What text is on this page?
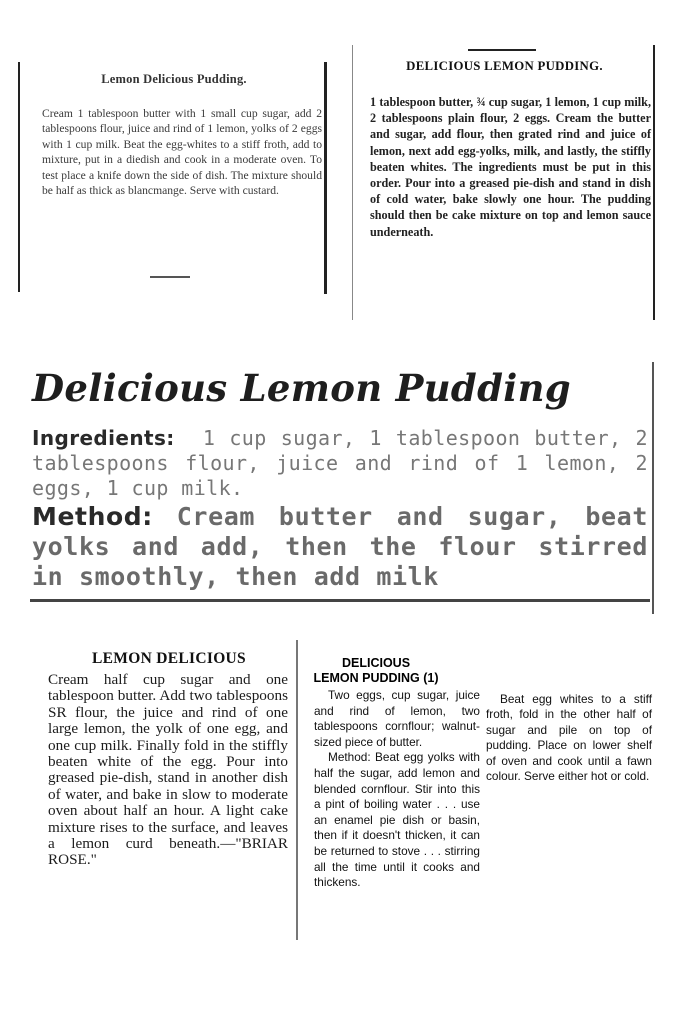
Lemon Delicious Pudding.

Cream 1 tablespoon butter with 1 small cup sugar, add 2 tablespoons flour, juice and rind of 1 lemon, yolks of 2 eggs with 1 cup milk. Beat the egg-whites to a stiff froth, add to mixture, put in a diedish and cook in a moderate oven. To test place a knife down the side of dish. The mixture should be half as thick as blancmange. Serve with custard.

DELICIOUS LEMON PUDDING.

1 tablespoon butter, ¾ cup sugar, 1 lemon, 1 cup milk, 2 tablespoons plain flour, 2 eggs. Cream the butter and sugar, add flour, then grated rind and juice of lemon, next add egg-yolks, milk, and lastly, the stiffly beaten whites. The ingredients must be put in this order. Pour into a greased pie-dish and stand in dish of cold water, bake slowly one hour. The pudding should then be cake mixture on top and lemon sauce underneath.

Delicious Lemon Pudding

Ingredients: 1 cup sugar, 1 tablespoon butter, 2 tablespoons flour, juice and rind of 1 lemon, 2 eggs, 1 cup milk.

Method: Cream butter and sugar, beat yolks and add, then the flour stirred in smoothly, then add milk

LEMON DELICIOUS

Cream half cup sugar and one tablespoon butter. Add two tablespoons SR flour, the juice and rind of one large lemon, the yolk of one egg, and one cup milk. Finally fold in the stiffly beaten white of the egg. Pour into greased pie-dish, stand in another dish of water, and bake in slow to moderate oven about half an hour. A light cake mixture rises to the surface, and leaves a lemon curd beneath.—"BRIAR ROSE."

DELICIOUS
LEMON PUDDING (1)

Two eggs, cup sugar, juice and rind of lemon, two tablespoons cornflour; walnut-sized piece of butter.

Method: Beat egg yolks with half the sugar, add lemon and blended cornflour. Stir into this a pint of boiling water . . . use an enamel pie dish or basin, then if it doesn't thicken, it can be returned to stove . . . stirring all the time until it cooks and thickens.

Beat egg whites to a stiff froth, fold in the other half of sugar and pile on top of pudding. Place on lower shelf of oven and cook until a fawn colour. Serve either hot or cold.
